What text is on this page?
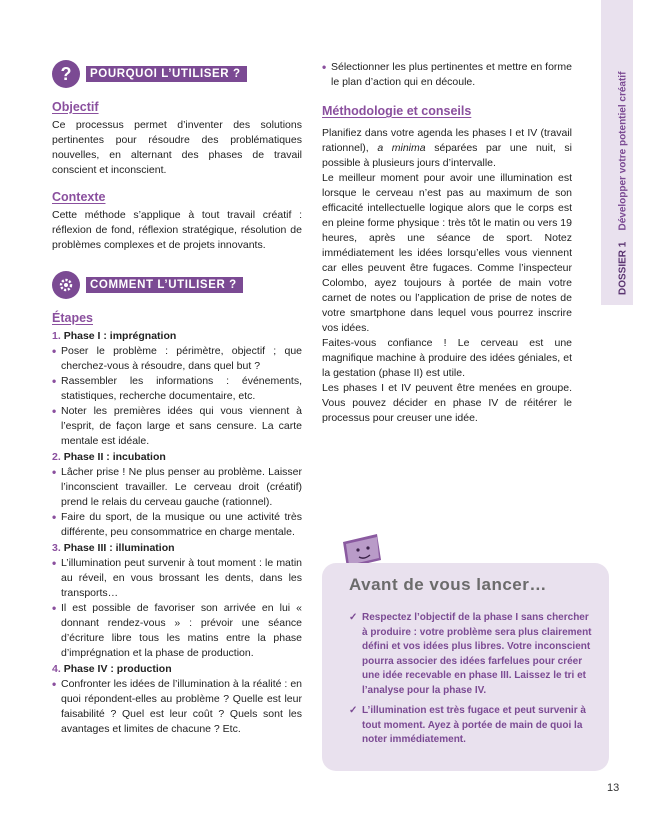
DOSSIER 1    Développer votre potentiel créatif
?	POURQUOI L’UTILISER ?
Objectif

Ce processus permet d’inventer des solutions pertinentes pour résoudre des problématiques nouvelles, en alternant des phases de travail conscient et inconscient.

Contexte

Cette méthode s’applique à tout travail créatif : réflexion de fond, réflexion stratégique, résolution de problèmes complexes et de projets innovants.

COMMENT L’UTILISER ?
Étapes
1. Phase I : imprégnation
• Poser le problème : périmètre, objectif ; que cherchez-vous à résoudre, dans quel but ?
• Rassembler les informations : événements, statistiques, recherche documentaire, etc.
• Noter les premières idées qui vous viennent à l’esprit, de façon large et sans censure. La carte mentale est idéale.
2. Phase II : incubation
• Lâcher prise ! Ne plus penser au problème. Laisser l’inconscient travailler. Le cerveau droit (créatif) prend le relais du cerveau gauche (rationnel).
• Faire du sport, de la musique ou une activité très différente, peu consommatrice en charge mentale.
3. Phase III : illumination
• L’illumination peut survenir à tout moment : le matin au réveil, en vous brossant les dents, dans les transports…
• Il est possible de favoriser son arrivée en lui « donnant rendez-vous » : prévoir une séance d’écriture libre tous les matins entre la phase d’imprégnation et la phase de production.
4. Phase IV : production
• Confronter les idées de l’illumination à la réalité : en quoi répondent-elles au problème ? Quelle est leur faisabilité ? Quel est leur coût ? Quels sont les avantages et limites de chacune ? Etc.
• Sélectionner les plus pertinentes et mettre en forme le plan d’action qui en découle.
Méthodologie et conseils

Planifiez dans votre agenda les phases I et IV (travail rationnel), a minima séparées par une nuit, si possible à plusieurs jours d’intervalle.

Le meilleur moment pour avoir une illumination est lorsque le cerveau n’est pas au maximum de son efficacité intellectuelle logique alors que le corps est en pleine forme physique : très tôt le matin ou vers 19 heures, après une séance de sport. Notez immédiatement les idées lorsqu’elles vous viennent car elles peuvent être fugaces. Comme l’inspecteur Colombo, ayez toujours à portée de main votre carnet de notes ou l’application de prise de notes de votre smartphone dans lequel vous pourrez inscrire vos idées.

Faites-vous confiance ! Le cerveau est une magnifique machine à produire des idées géniales, et la gestation (phase II) est utile.

Les phases I et IV peuvent être menées en groupe. Vous pouvez décider en phase IV de réitérer le processus pour creuser une idée.

Avant de vous lancer…
✓ Respectez l’objectif de la phase I sans chercher à produire : votre problème sera plus clairement défini et vos idées plus libres. Votre inconscient pourra associer des idées farfelues pour créer une idée recevable en phase III. Laissez le tri et l’analyse pour la phase IV.
✓ L’illumination est très fugace et peut survenir à tout moment. Ayez à portée de main de quoi la noter immédiatement.
13
